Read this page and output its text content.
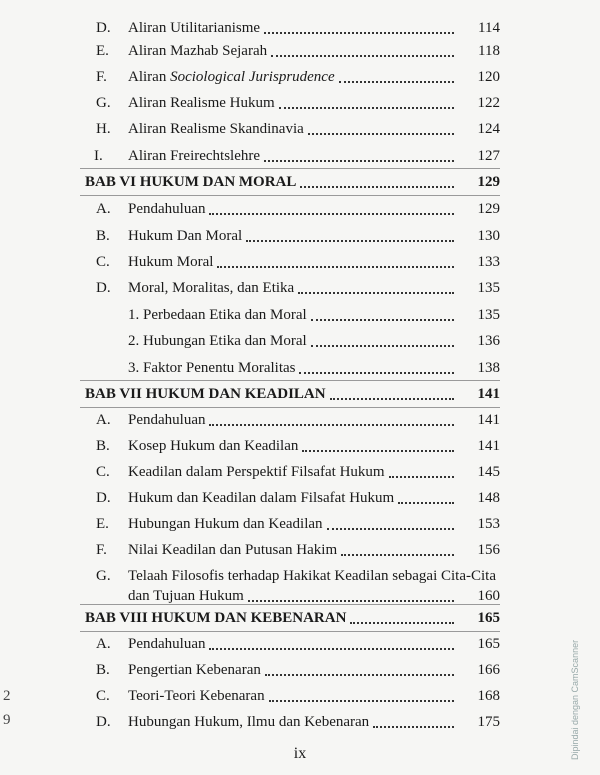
D. Aliran Utilitarianisme	114
E. Aliran Mazhab Sejarah	118
F. Aliran Sociological Jurisprudence	120
G. Aliran Realisme Hukum	122
H. Aliran Realisme Skandinavia	124
I. Aliran Freirechtslehre	127
BAB VI HUKUM DAN MORAL	129
A. Pendahuluan	129
B. Hukum Dan Moral	130
C. Hukum Moral	133
D. Moral, Moralitas, dan Etika	135
1. Perbedaan Etika dan Moral	135
2. Hubungan Etika dan Moral	136
3. Faktor Penentu Moralitas	138
BAB VII HUKUM DAN KEADILAN	141
A. Pendahuluan	141
B. Kosep Hukum dan Keadilan	141
C. Keadilan dalam Perspektif Filsafat Hukum	145
D. Hukum dan Keadilan dalam Filsafat Hukum	148
E. Hubungan Hukum dan Keadilan	153
F. Nilai Keadilan dan Putusan Hakim	156
G. Telaah Filosofis terhadap Hakikat Keadilan sebagai Cita-Cita
dan Tujuan Hukum	160
BAB VIII HUKUM DAN KEBENARAN	165
A. Pendahuluan	165
B. Pengertian Kebenaran	166
C. Teori-Teori Kebenaran	168
D. Hubungan Hukum, Ilmu dan Kebenaran	175
ix
2
9	Dipindai dengan CamScanner
